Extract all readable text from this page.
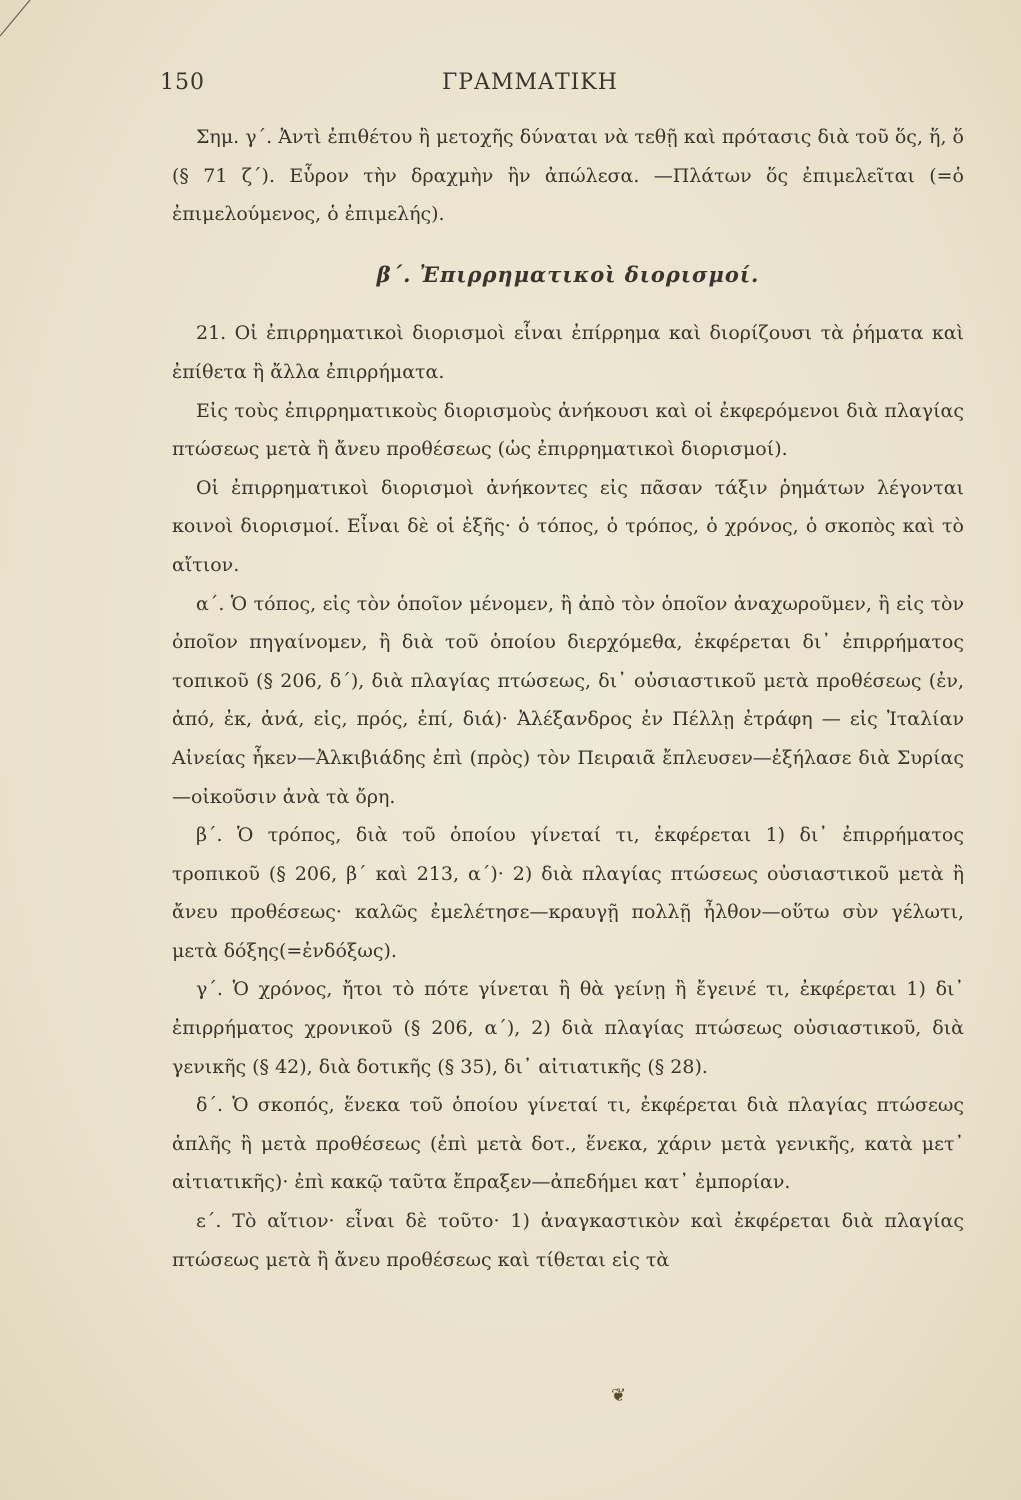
150	ΓΡΑΜΜΑΤΙΚΗ

Σημ. γ΄. Ἀντὶ ἐπιθέτου ἢ μετοχῆς δύναται νὰ τεθῇ καὶ πρότασις διὰ τοῦ ὅς, ἥ, ὅ (§ 71 ζ΄). Εὗρον τὴν δραχμὴν ἣν ἀπώλεσα. —Πλάτων ὅς ἐπιμελεῖται (=ὁ ἐπιμελούμενος, ὁ ἐπιμελής).

β΄. Ἐπιρρηματικοὶ διορισμοί.

21. Οἱ ἐπιρρηματικοὶ διορισμοὶ εἶναι ἐπίρρημα καὶ διορίζουσι τὰ ῥήματα καὶ ἐπίθετα ἢ ἄλλα ἐπιρρήματα.

Εἰς τοὺς ἐπιρρηματικοὺς διορισμοὺς ἀνήκουσι καὶ οἱ ἐκφερόμενοι διὰ πλαγίας πτώσεως μετὰ ἢ ἄνευ προθέσεως (ὡς ἐπιρρηματικοὶ διορισμοί).

Οἱ ἐπιρρηματικοὶ διορισμοὶ ἀνήκοντες εἰς πᾶσαν τάξιν ῥημάτων λέγονται κοινοὶ διορισμοί. Εἶναι δὲ οἱ ἑξῆς· ὁ τόπος, ὁ τρόπος, ὁ χρόνος, ὁ σκοπὸς καὶ τὸ αἴτιον.

α΄. Ὁ τόπος, εἰς τὸν ὁποῖον μένομεν, ἢ ἀπὸ τὸν ὁποῖον ἀναχωροῦμεν, ἢ εἰς τὸν ὁποῖον πηγαίνομεν, ἢ διὰ τοῦ ὁποίου διερχόμεθα, ἐκφέρεται δι᾽ ἐπιρρήματος τοπικοῦ (§ 206, δ΄), διὰ πλαγίας πτώσεως, δι᾽ οὐσιαστικοῦ μετὰ προθέσεως (ἐν, ἀπό, ἐκ, ἀνά, εἰς, πρός, ἐπί, διά)· Ἀλέξανδρος ἐν Πέλλῃ ἐτράφη — εἰς Ἰταλίαν Αἰνείας ἧκεν—Ἀλκιβιάδης ἐπὶ (πρὸς) τὸν Πειραιᾶ ἔπλευσεν—ἐξήλασε διὰ Συρίας—οἰκοῦσιν ἀνὰ τὰ ὄρη.

β΄. Ὁ τρόπος, διὰ τοῦ ὁποίου γίνεταί τι, ἐκφέρεται 1) δι᾽ ἐπιρρήματος τροπικοῦ (§ 206, β΄ καὶ 213, α΄)· 2) διὰ πλαγίας πτώσεως οὐσιαστικοῦ μετὰ ἢ ἄνευ προθέσεως· καλῶς ἐμελέτησε—κραυγῇ πολλῇ ἦλθον—οὕτω σὺν γέλωτι, μετὰ δόξης(=ἐνδόξως).

γ΄. Ὁ χρόνος, ἤτοι τὸ πότε γίνεται ἢ θὰ γείνῃ ἢ ἔγεινέ τι, ἐκφέρεται 1) δι᾽ ἐπιρρήματος χρονικοῦ (§ 206, α΄), 2) διὰ πλαγίας πτώσεως οὐσιαστικοῦ, διὰ γενικῆς (§ 42), διὰ δοτικῆς (§ 35), δι᾽ αἰτιατικῆς (§ 28).

δ΄. Ὁ σκοπός, ἕνεκα τοῦ ὁποίου γίνεταί τι, ἐκφέρεται διὰ πλαγίας πτώσεως ἁπλῆς ἢ μετὰ προθέσεως (ἐπὶ μετὰ δοτ., ἕνεκα, χάριν μετὰ γενικῆς, κατὰ μετ᾽ αἰτιατικῆς)· ἐπὶ κακῷ ταῦτα ἔπραξεν—ἀπεδήμει κατ᾽ ἐμπορίαν.

ε΄. Τὸ αἴτιον· εἶναι δὲ τοῦτο· 1) ἀναγκαστικὸν καὶ ἐκφέρεται διὰ πλαγίας πτώσεως μετὰ ἢ ἄνευ προθέσεως καὶ τίθεται εἰς τὰ

❦
